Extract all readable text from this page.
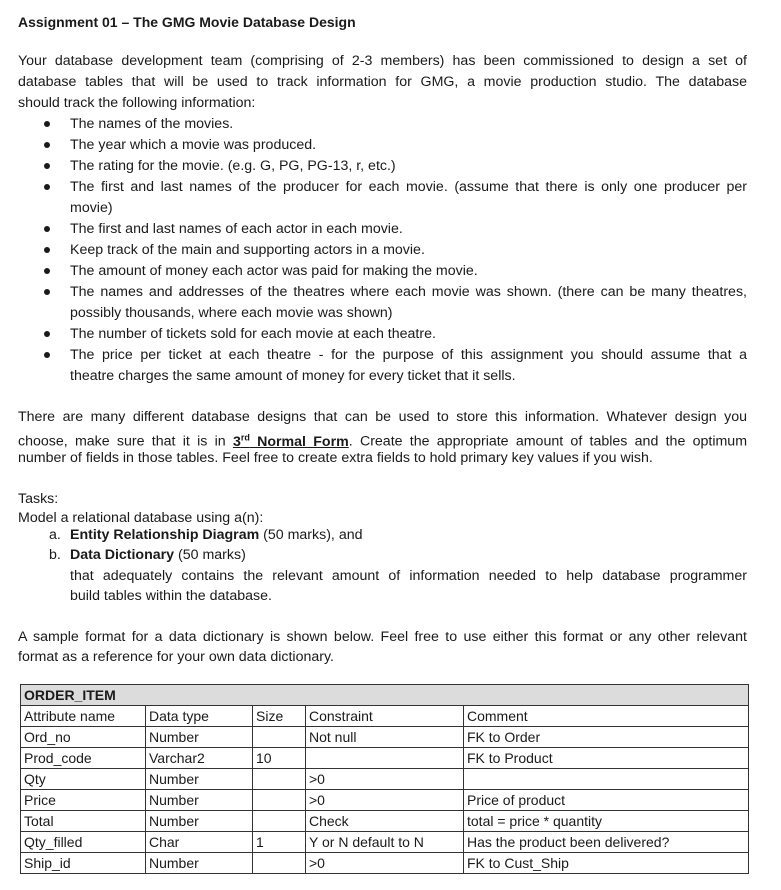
Assignment 01 – The GMG Movie Database Design
There are many different database designs that can be used to store this information. Whatever design you
choose, make sure that it is in 3rd Normal Form. Create the appropriate amount of tables and the optimum
number of fields in those tables. Feel free to create extra fields to hold primary key values if you wish.
Tasks:
Model a relational database using a(n):
a. Entity Relationship Diagram (50 marks), and
b. Data Dictionary (50 marks)
that adequately contains the relevant amount of information needed to help database programmer
build tables within the database.
A sample format for a data dictionary is shown below. Feel free to use either this format or any other relevant
format as a reference for your own data dictionary.
ORDER_ITEM				
Attribute name	Data type	Size	Constraint	Comment
Ord_no	Number		Not null	FK to Order
Prod_code	Varchar2	10		FK to Product
Qty	Number		>0	
Price	Number		>0	Price of product
Total	Number		Check	total = price * quantity
Qty_filled	Char	1	Y or N default to N	Has the product been delivered?
Ship_id	Number		>0	FK to Cust_Ship
Your database development team (comprising of 2-3 members) has been commissioned to design a set of
database tables that will be used to track information for GMG, a movie production studio. The database
should track the following information:
The names of the movies.
The year which a movie was produced.
The rating for the movie. (e.g. G, PG, PG-13, r, etc.)
The first and last names of the producer for each movie. (assume that there is only one producer per
movie)
The first and last names of each actor in each movie.
Keep track of the main and supporting actors in a movie.
The amount of money each actor was paid for making the movie.
The names and addresses of the theatres where each movie was shown. (there can be many theatres,
possibly thousands, where each movie was shown)
The number of tickets sold for each movie at each theatre.
The price per ticket at each theatre - for the purpose of this assignment you should assume that a
theatre charges the same amount of money for every ticket that it sells.
